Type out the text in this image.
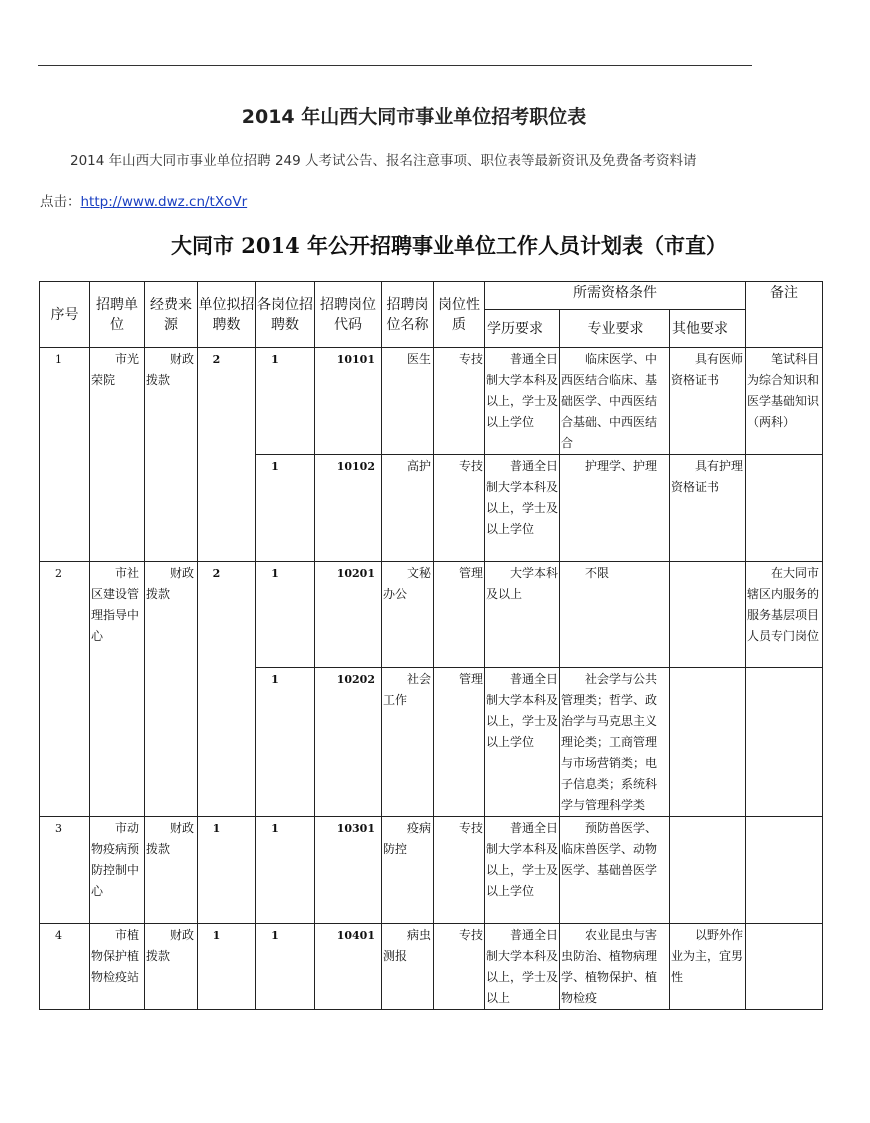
2014 年山西大同市事业单位招考职位表
2014 年山西大同市事业单位招聘 249 人考试公告、报名注意事项、职位表等最新资讯及免费备考资料请
点击：http://www.dwz.cn/tXoVr
大同市 2014 年公开招聘事业单位工作人员计划表（市直）
序号	招聘单位	经费来源	单位拟招聘数	各岗位招聘数	招聘岗位代码	招聘岗位名称	岗位性质	所需资格条件			备注
								学历要求	专业要求	其他要求	
1	市光荣院	财政拨款	2	1	10101	医生	专技	普通全日制大学本科及以上，学士及以上学位	临床医学、中西医结合临床、基础医学、中西医结合基础、中西医结合	具有医师资格证书	笔试科目为综合知识和医学基础知识（两科）

				1	10102	高护	专技	普通全日制大学本科及以上，学士及以上学位	护理学、护理	具有护理资格证书	

2	市社区建设管理指导中心	财政拨款	2	1	10201	文秘办公	管理	大学本科及以上	不限		在大同市辖区内服务的服务基层项目人员专门岗位

				1	10202	社会工作	管理	普通全日制大学本科及以上，学士及以上学位	社会学与公共管理类；哲学、政治学与马克思主义理论类；工商管理与市场营销类；电子信息类；系统科学与管理科学类		

3	市动物疫病预防控制中心	财政拨款	1	1	10301	疫病防控	专技	普通全日制大学本科及以上，学士及以上学位	预防兽医学、临床兽医学、动物医学、基础兽医学		

4	市植物保护植物检疫站	财政拨款	1	1	10401	病虫测报	专技	普通全日制大学本科及以上，学士及以上	农业昆虫与害虫防治、植物病理学、植物保护、植物检疫	以野外作业为主，宜男性	
